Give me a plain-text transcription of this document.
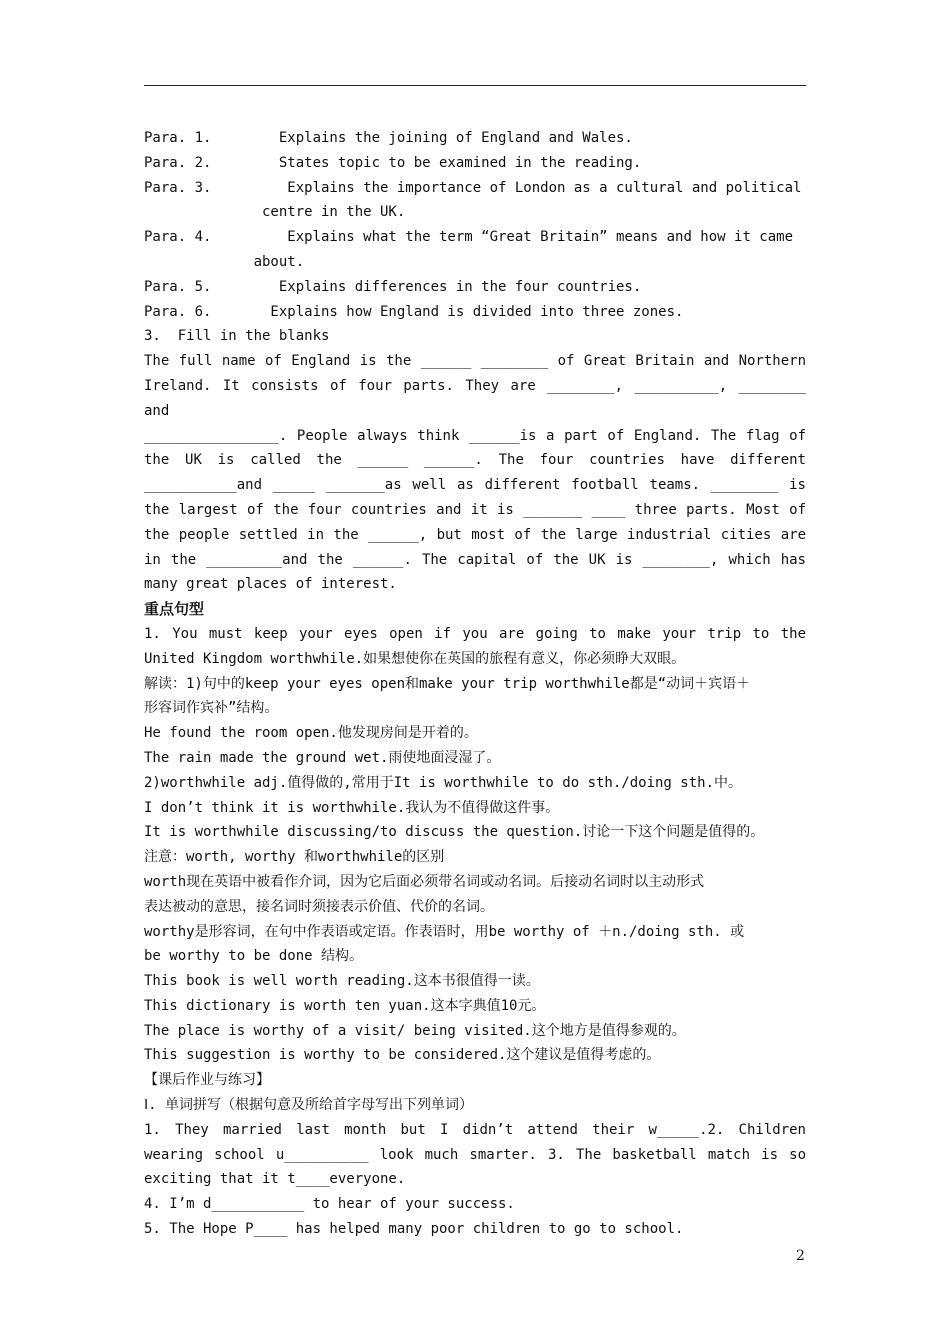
Para. 1.        Explains the joining of England and Wales.
Para. 2.        States topic to be examined in the reading.
Para. 3.         Explains the importance of London as a cultural and political
centre in the UK.
Para. 4.         Explains what the term “Great Britain” means and how it came
about.
Para. 5.        Explains differences in the four countries.
Para. 6.       Explains how England is divided into three zones.
3.  Fill in the blanks
The full name of England is the ______ ________ of Great Britain and Northern
Ireland. It consists of four parts. They are ________, __________, ________ and
________________. People always think ______is a part of England. The flag of
the UK is called the ______ ______. The four countries have different
___________and _____ _______as well as different football teams. ________ is
the largest of the four countries and it is _______ ____ three parts. Most of
the people settled in the ______, but most of the large industrial cities are
in the _________and the ______. The capital of the UK is ________, which has
many great places of interest.
重点句型
1. You must keep your eyes open if you are going to make your trip to the
United Kingdom worthwhile.如果想使你在英国的旅程有意义，你必须睁大双眼。
解读：1)句中的keep your eyes open和make your trip worthwhile都是“动词＋宾语＋
形容词作宾补”结构。
He found the room open.他发现房间是开着的。
The rain made the ground wet.雨使地面浸湿了。
2)worthwhile adj.值得做的,常用于It is worthwhile to do sth./doing sth.中。
I don’t think it is worthwhile.我认为不值得做这件事。
It is worthwhile discussing/to discuss the question.讨论一下这个问题是值得的。
注意：worth, worthy 和worthwhile的区别
worth现在英语中被看作介词，因为它后面必须带名词或动名词。后接动名词时以主动形式
表达被动的意思，接名词时须接表示价值、代价的名词。
worthy是形容词，在句中作表语或定语。作表语时，用be worthy of ＋n./doing sth. 或
be worthy to be done 结构。
This book is well worth reading.这本书很值得一读。
This dictionary is worth ten yuan.这本字典值10元。
The place is worthy of a visit/ being visited.这个地方是值得参观的。
This suggestion is worthy to be considered.这个建议是值得考虑的。
【课后作业与练习】
Ⅰ. 单词拼写（根据句意及所给首字母写出下列单词）
1. They married last month but I didn’t attend their w_____.2. Children
wearing school u__________ look much smarter. 3. The basketball match is so
exciting that it t____everyone.
4. I’m d___________ to hear of your success.
5. The Hope P____ has helped many poor children to go to school.
2
